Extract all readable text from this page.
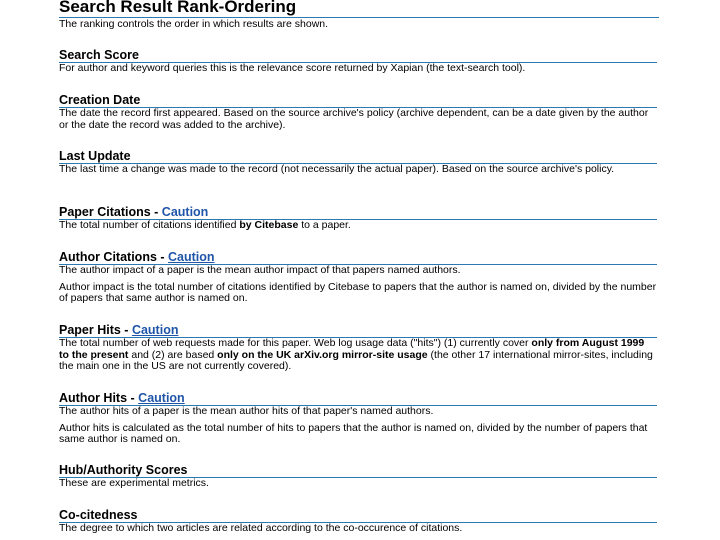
Search Result Rank-Ordering
The ranking controls the order in which results are shown.
Search Score

For author and keyword queries this is the relevance score returned by Xapian (the text-search tool).

Creation Date

The date the record first appeared. Based on the source archive's policy (archive dependent, can be a date given by the author or the date the record was added to the archive).

Last Update

The last time a change was made to the record (not necessarily the actual paper). Based on the source archive's policy.

Paper Citations - Caution

The total number of citations identified by Citebase to a paper.

Author Citations - Caution

The author impact of a paper is the mean author impact of that papers named authors.

Author impact is the total number of citations identified by Citebase to papers that the author is named on, divided by the number of papers that same author is named on.

Paper Hits - Caution

The total number of web requests made for this paper. Web log usage data ("hits") (1) currently cover only from August 1999 to the present and (2) are based only on the UK arXiv.org mirror-site usage (the other 17 international mirror-sites, including the main one in the US are not currently covered).

Author Hits - Caution

The author hits of a paper is the mean author hits of that paper's named authors.

Author hits is calculated as the total number of hits to papers that the author is named on, divided by the number of papers that same author is named on.

Hub/Authority Scores

These are experimental metrics.

Co-citedness

The degree to which two articles are related according to the co-occurence of citations.
